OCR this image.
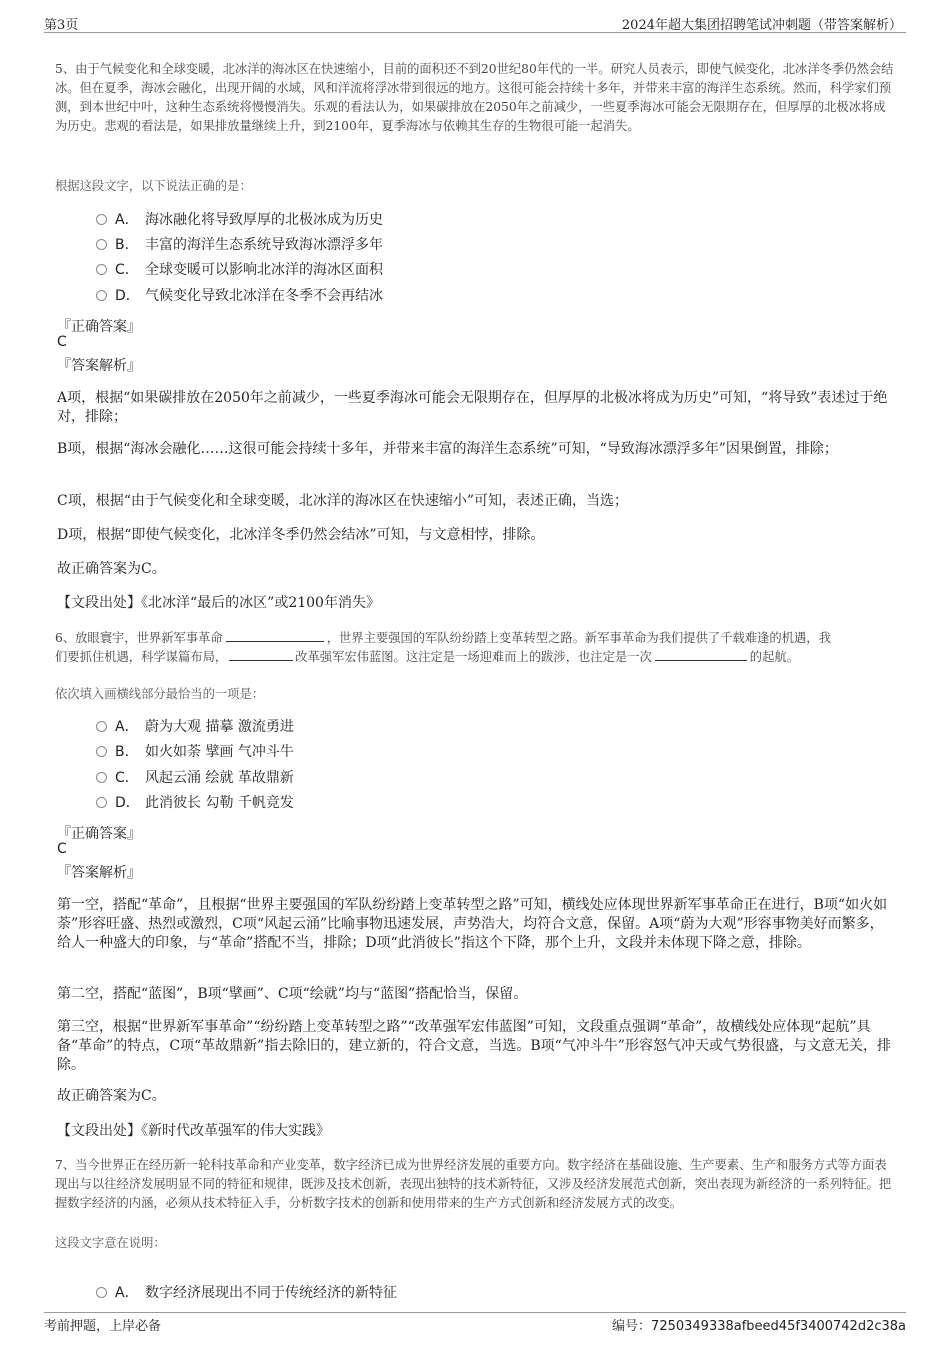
第3页	2024年超大集团招聘笔试冲刺题（带答案解析）
5、由于气候变化和全球变暖，北冰洋的海冰区在快速缩小，目前的面积还不到20世纪80年代的一半。研究人员表示，即使气候变化，北冰洋冬季仍然会结冰。但在夏季，海冰会融化，出现开阔的水域，风和洋流将浮冰带到很远的地方。这很可能会持续十多年，并带来丰富的海洋生态系统。然而，科学家们预测，到本世纪中叶，这种生态系统将慢慢消失。乐观的看法认为，如果碳排放在2050年之前减少，一些夏季海冰可能会无限期存在，但厚厚的北极冰将成为历史。悲观的看法是，如果排放量继续上升，到2100年，夏季海冰与依赖其生存的生物很可能一起消失。
根据这段文字，以下说法正确的是：
A． 海冰融化将导致厚厚的北极冰成为历史
B． 丰富的海洋生态系统导致海冰漂浮多年
C． 全球变暖可以影响北冰洋的海冰区面积
D． 气候变化导致北冰洋在冬季不会再结冰
『正确答案』
C
『答案解析』
A项，根据“如果碳排放在2050年之前减少，一些夏季海冰可能会无限期存在，但厚厚的北极冰将成为历史”可知，“将导致”表述过于绝对，排除；
B项，根据“海冰会融化……这很可能会持续十多年，并带来丰富的海洋生态系统”可知，“导致海冰漂浮多年”因果倒置，排除；
C项，根据“由于气候变化和全球变暖，北冰洋的海冰区在快速缩小”可知，表述正确，当选；
D项，根据“即使气候变化，北冰洋冬季仍然会结冰”可知，与文意相悖，排除。
故正确答案为C。
【文段出处】《北冰洋“最后的冰区”或2100年消失》
6、放眼寰宇，世界新军事革命	，世界主要强国的军队纷纷踏上变革转型之路。新军事革命为我们提供了千载难逢的机遇，我
们要抓住机遇，科学谋篇布局，	改革强军宏伟蓝图。这注定是一场迎难而上的跋涉，也注定是一次	的起航。
依次填入画横线部分最恰当的一项是：
A． 蔚为大观 描摹 激流勇进
B． 如火如荼 擘画 气冲斗牛
C． 风起云涌 绘就 革故鼎新
D． 此消彼长 勾勒 千帆竞发
『正确答案』
C
『答案解析』
第一空，搭配“革命”，且根据“世界主要强国的军队纷纷踏上变革转型之路”可知，横线处应体现世界新军事革命正在进行，B项“如火如荼”形容旺盛、热烈或激烈，C项“风起云涌”比喻事物迅速发展，声势浩大，均符合文意，保留。A项“蔚为大观”形容事物美好而繁多，给人一种盛大的印象，与“革命”搭配不当，排除；D项“此消彼长”指这个下降，那个上升，文段并未体现下降之意，排除。
第二空，搭配“蓝图”，B项“擘画”、C项“绘就”均与“蓝图”搭配恰当，保留。
第三空，根据“世界新军事革命”“纷纷踏上变革转型之路”“改革强军宏伟蓝图”可知，文段重点强调“革命”，故横线处应体现“起航”具备“革命”的特点，C项“革故鼎新”指去除旧的，建立新的，符合文意，当选。B项“气冲斗牛”形容怒气冲天或气势很盛，与文意无关，排除。
故正确答案为C。
【文段出处】《新时代改革强军的伟大实践》
7、当今世界正在经历新一轮科技革命和产业变革，数字经济已成为世界经济发展的重要方向。数字经济在基础设施、生产要素、生产和服务方式等方面表现出与以往经济发展明显不同的特征和规律，既涉及技术创新，表现出独特的技术新特征，又涉及经济发展范式创新，突出表现为新经济的一系列特征。把握数字经济的内涵，必须从技术特征入手，分析数字技术的创新和使用带来的生产方式创新和经济发展方式的改变。
这段文字意在说明：
A． 数字经济展现出不同于传统经济的新特征
考前押题，上岸必备	编号：7250349338afbeed45f3400742d2c38a
